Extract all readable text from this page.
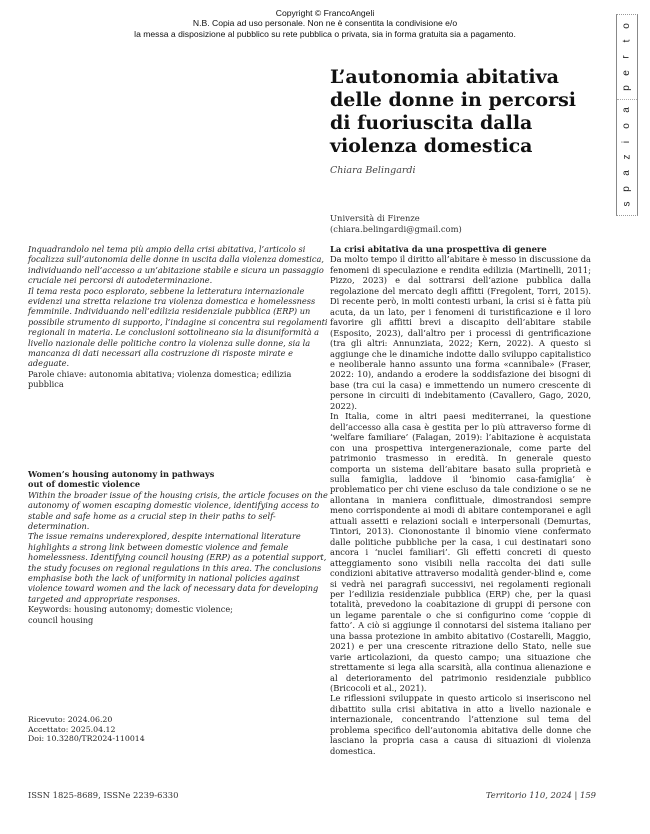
Copyright © FrancoAngeli
N.B. Copia ad uso personale. Non ne è consentita la condivisione e/o
la messa a disposizione al pubblico su rete pubblica o privata, sia in forma gratuita sia a pagamento.
o
t
r
e
p
a
o
i
z
a
p
s
L’autonomia abitativa delle donne in percorsi di fuoriuscita dalla violenza domestica
Chiara Belingardi
Università di Firenze
(chiara.belingardi@gmail.com)

Inquadrandolo nel tema più ampio della crisi abitativa, l’articolo si focalizza sull’autonomia delle donne in uscita dalla violenza domestica, individuando nell’accesso a un’abitazione stabile e sicura un passaggio cruciale nei percorsi di autodeterminazione.

Il tema resta poco esplorato, sebbene la letteratura internazionale evidenzi una stretta relazione tra violenza domestica e homelessness femminile. Individuando nell’edilizia residenziale pubblica (ERP) un possibile strumento di supporto, l’indagine si concentra sui regolamenti regionali in materia. Le conclusioni sottolineano sia la disuniformità a livello nazionale delle politiche contro la violenza sulle donne, sia la mancanza di dati necessari alla costruzione di risposte mirate e adeguate.

Parole chiave: autonomia abitativa; violenza domestica; edilizia pubblica

Women’s housing autonomy in pathways

out of domestic violence

Within the broader issue of the housing crisis, the article focuses on the autonomy of women escaping domestic violence, identifying access to stable and safe home as a crucial step in their paths to self-determination.

The issue remains underexplored, despite international literature highlights a strong link between domestic violence and female homelessness. Identifying council housing (ERP) as a potential support, the study focuses on regional regulations in this area. The conclusions emphasise both the lack of uniformity in national policies against violence toward women and the lack of necessary data for developing targeted and appropriate responses.

Keywords: housing autonomy; domestic violence;

council housing

Ricevuto: 2024.06.20
Accettato: 2025.04.12
Doi: 10.3280/TR2024-110014
La crisi abitativa da una prospettiva di genere

Da molto tempo il diritto all’abitare è messo in discussione da fenomeni di speculazione e rendita edilizia (Martinelli, 2011; Pizzo, 2023) e dal sottrarsi dell’azione pubblica dalla regolazione del mercato degli affitti (Fregolent, Torri, 2015). Di recente però, in molti contesti urbani, la crisi si è fatta più acuta, da un lato, per i fenomeni di turistificazione e il loro favorire gli affitti brevi a discapito dell’abitare stabile (Esposito, 2023), dall’altro per i processi di gentrificazione (tra gli altri: Annunziata, 2022; Kern, 2022). A questo si aggiunge che le dinamiche indotte dallo sviluppo capitalistico e neoliberale hanno assunto una forma «cannibale» (Fraser, 2022: 10), andando a erodere la soddisfazione dei bisogni di base (tra cui la casa) e immettendo un numero crescente di persone in circuiti di indebitamento (Cavallero, Gago, 2020, 2022).

In Italia, come in altri paesi mediterranei, la questione dell’accesso alla casa è gestita per lo più attraverso forme di ‘welfare familiare’ (Falagan, 2019): l’abitazione è acquistata con una prospettiva intergenerazionale, come parte del patrimonio trasmesso in eredità. In generale questo comporta un sistema dell’abitare basato sulla proprietà e sulla famiglia, laddove il ‘binomio casa-famiglia’ è problematico per chi viene escluso da tale condizione o se ne allontana in maniera conflittuale, dimostrandosi sempre meno corrispondente ai modi di abitare contemporanei e agli attuali assetti e relazioni sociali e interpersonali (Demurtas, Tintori, 2013). Ciononostante il binomio viene confermato dalle politiche pubbliche per la casa, i cui destinatari sono ancora i ‘nuclei familiari’. Gli effetti concreti di questo atteggiamento sono visibili nella raccolta dei dati sulle condizioni abitative attraverso modalità gender-blind e, come si vedrà nei paragrafi successivi, nei regolamenti regionali per l’edilizia residenziale pubblica (ERP) che, per la quasi totalità, prevedono la coabitazione di gruppi di persone con un legame parentale o che si configurino come ‘coppie di fatto’. A ciò si aggiunge il connotarsi del sistema italiano per una bassa protezione in ambito abitativo (Costarelli, Maggio, 2021) e per una crescente ritrazione dello Stato, nelle sue varie articolazioni, da questo campo; una situazione che strettamente si lega alla scarsità, alla continua alienazione e al deterioramento del patrimonio residenziale pubblico (Bricocoli et al., 2021).

Le riflessioni sviluppate in questo articolo si inseriscono nel dibattito sulla crisi abitativa in atto a livello nazionale e internazionale, concentrando l’attenzione sul tema del problema specifico dell’autonomia abitativa delle donne che lasciano la propria casa a causa di situazioni di violenza domestica.

ISSN 1825-8689, ISSNe 2239-6330	Territorio 110, 2024 | 159
